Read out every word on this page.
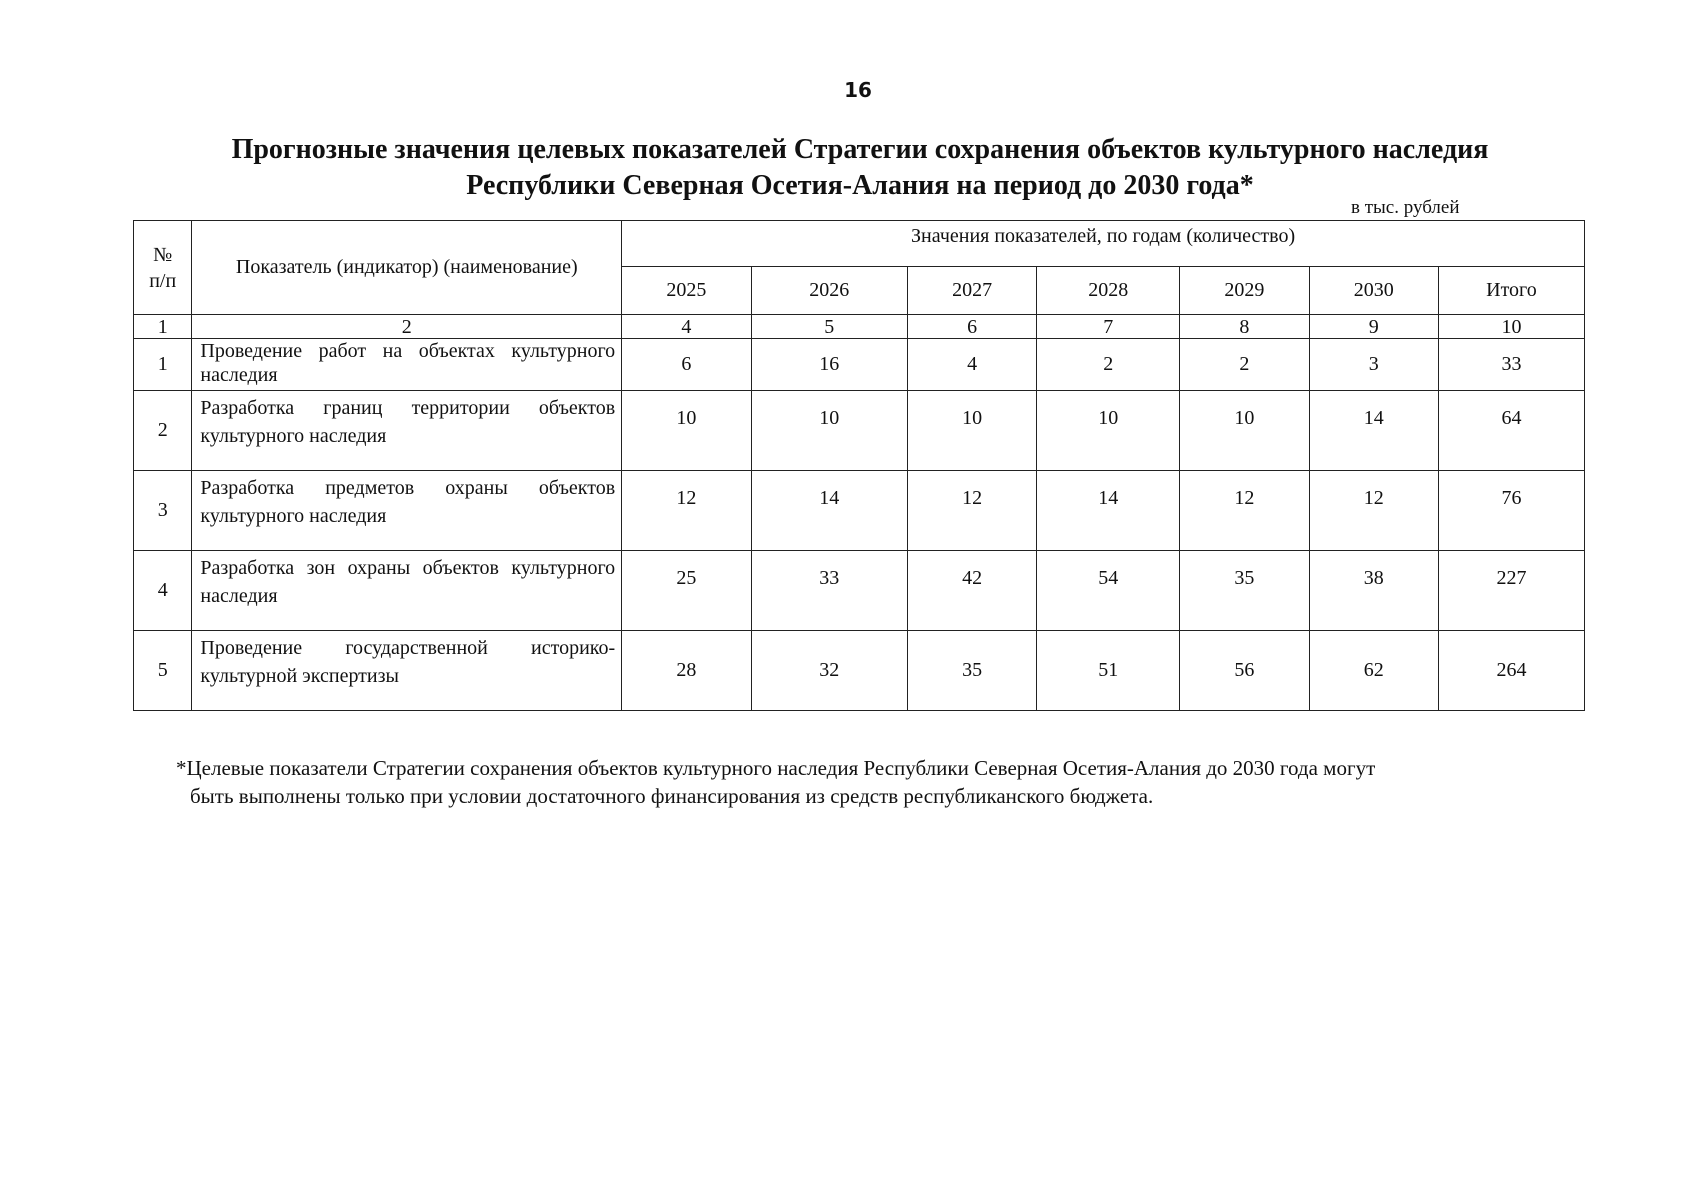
16
Прогнозные значения целевых показателей Стратегии сохранения объектов культурного наследия
Республики Северная Осетия-Алания на период до 2030 года*
в тыс. рублей
№ п/п	Показатель (индикатор) (наименование)	Значения показателей, по годам (количество)						
		2025	2026	2027	2028	2029	2030	Итого
1	2	4	5	6	7	8	9	10
1	Проведение работ на объектах культурного наследия	6	16	4	2	2	3	33
2	Разработка границ территории объектов культурного наследия	10	10	10	10	10	14	64
3	Разработка предметов охраны объектов культурного наследия	12	14	12	14	12	12	76
4	Разработка зон охраны объектов культурного наследия	25	33	42	54	35	38	227
5	Проведение государственной историко-культурной экспертизы	28	32	35	51	56	62	264
*Целевые показатели Стратегии сохранения объектов культурного наследия Республики Северная Осетия-Алания до 2030 года могут
быть выполнены только при условии достаточного финансирования из средств республиканского бюджета.
